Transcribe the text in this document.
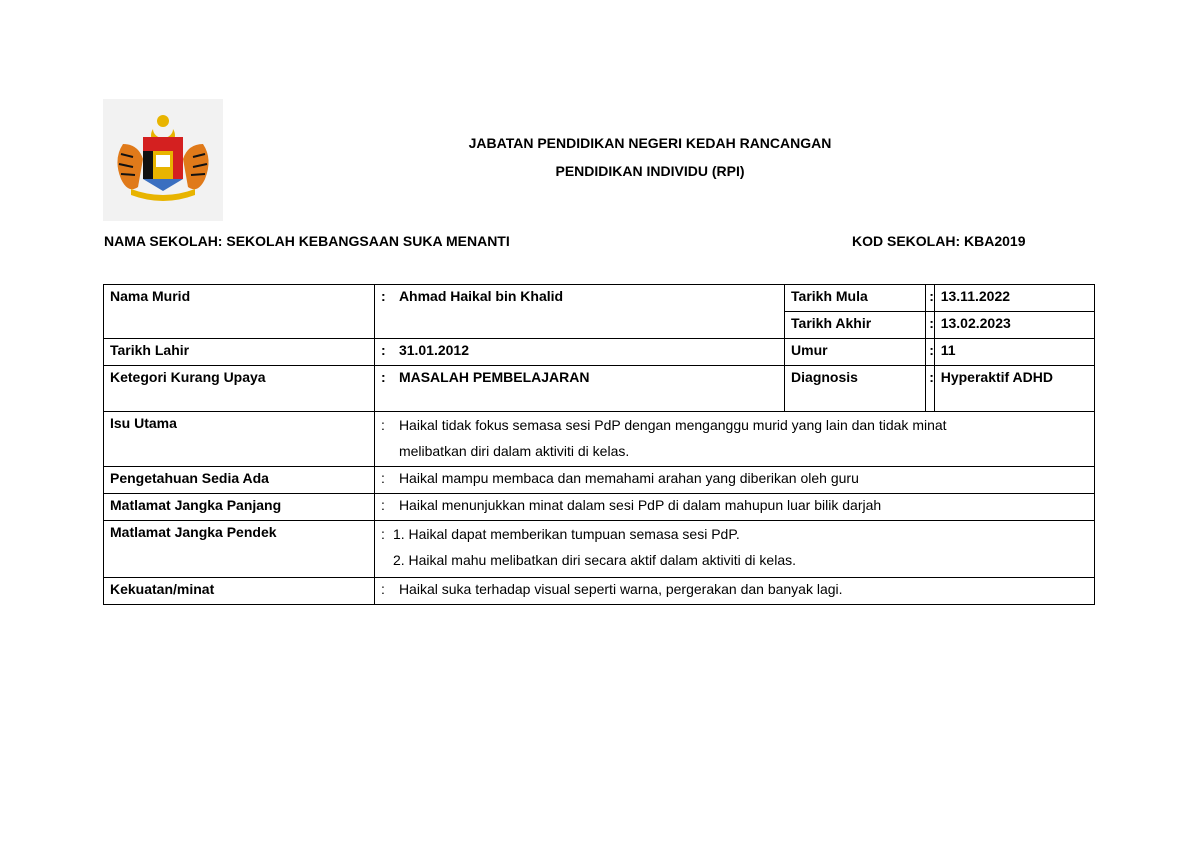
JABATAN PENDIDIKAN NEGERI KEDAH RANCANGAN
PENDIDIKAN INDIVIDU (RPI)
NAMA SEKOLAH: SEKOLAH KEBANGSAAN SUKA MENANTI	KOD SEKOLAH: KBA2019
Nama Murid	: Ahmad Haikal bin Khalid	Tarikh Mula	:	13.11.2022
		Tarikh Akhir	:	13.02.2023
Tarikh Lahir	: 31.01.2012	Umur	:	11
Ketegori Kurang Upaya	: MASALAH PEMBELAJARAN	Diagnosis	:	Hyperaktif ADHD
Isu Utama	: Haikal tidak fokus semasa sesi PdP dengan menganggu murid yang lain dan tidak minat
melibatkan diri dalam aktiviti di kelas.			

Pengetahuan Sedia Ada	: Haikal mampu membaca dan memahami arahan yang diberikan oleh guru			
Matlamat Jangka Panjang	: Haikal menunjukkan minat dalam sesi PdP di dalam mahupun luar bilik darjah			
Matlamat Jangka Pendek	: 1. Haikal dapat memberikan tumpuan semasa sesi PdP.
2. Haikal mahu melibatkan diri secara aktif dalam aktiviti di kelas.			

Kekuatan/minat	: Haikal suka terhadap visual seperti warna, pergerakan dan banyak lagi.			
